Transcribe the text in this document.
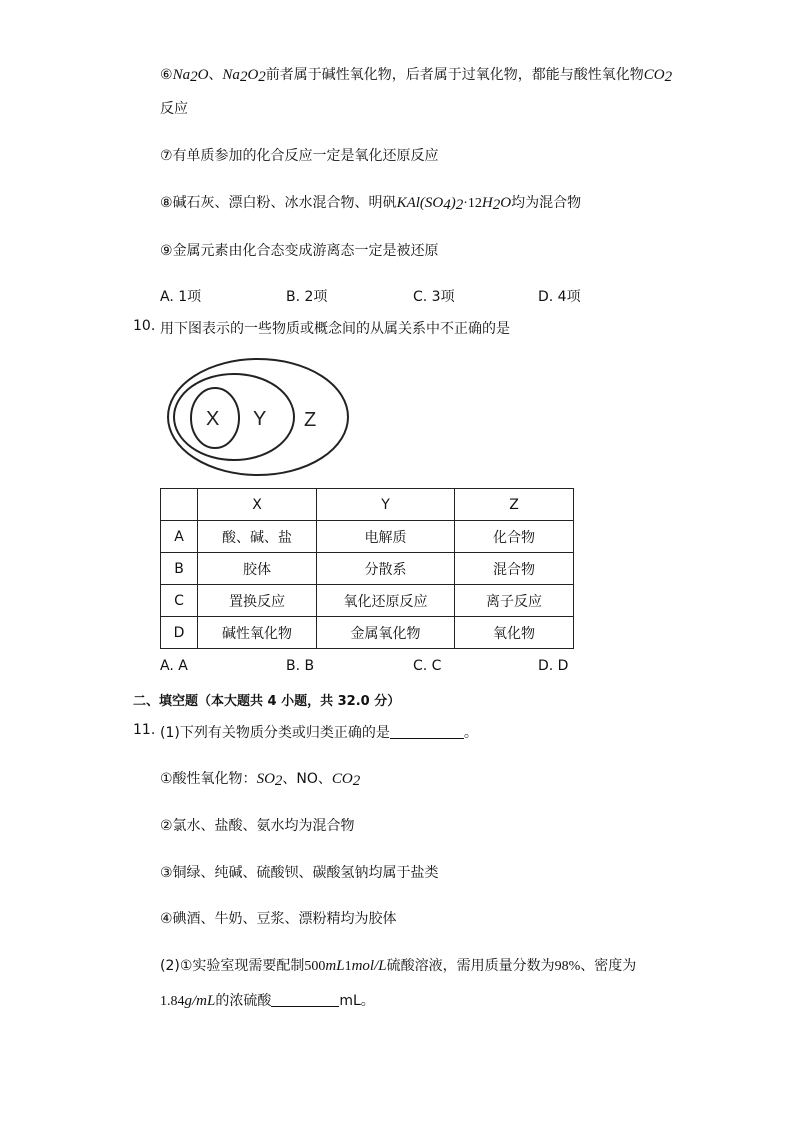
$⑥Na_2O$、$Na_2O_2$前者属于碱性氧化物，后者属于过氧化物，都能与酸性氧化物$CO_2$
反应
⑦有单质参加的化合反应一定是氧化还原反应
⑧碱石灰、漂白粉、冰水混合物、明矾$KAl(SO_4)_2\cdot 12H_2O$均为混合物
⑨金属元素由化合态变成游离态一定是被还原
A. 1项	B. 2项	C. 3项	D. 4项
10. 用下图表示的一些物质或概念间的从属关系中不正确的是
X Y Z
	X	Y	Z
A	酸、碱、盐	电解质	化合物
B	胶体	分散系	混合物
C	置换反应	氧化还原反应	离子反应
D	碱性氧化物	金属氧化物	氧化物
A. A	B. B	C. C	D. D
二、填空题（本大题共 4 小题，共 32.0 分）
11. (1)下列有关物质分类或归类正确的是	。
①酸性氧化物：$SO_2$、NO、$CO_2$
②氯水、盐酸、氨水均为混合物
③铜绿、纯碱、硫酸钡、碳酸氢钠均属于盐类
④碘酒、牛奶、豆浆、漂粉精均为胶体
(2)①实验室现需要配制500mL1mol/L硫酸溶液，需用质量分数为98%、密度为
1.84g/mL的浓硫酸	mL。
